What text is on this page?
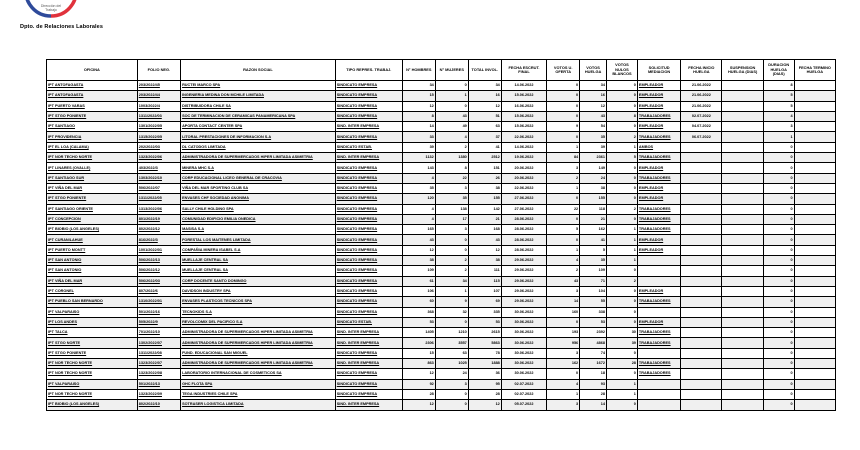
Dirección del
Trabajo
Dpto. de Relaciones Laborales
OFICINA	FOLIO NEG.	RAZON SOCIAL	TIPO REPRES. TRABAJ.	N° HOMBRES	N° MUJERES	TOTAL INVOL.	FECHA ESCRUT. FINAL	VOTOS U. OFERTA	VOTOS HUELGA	VOTOS NULOS BLANCOS	SOLICITUD MEDIACION	FECHA INICIO HUELGA	SUSPENSION HUELGA (DIAS)	DURACION HUELGA (DIAS)	FECHA TERMINO HUELGA
IPT ANTOFAGASTA	203/2022/45	RUCTEI MARCO SPA	SINDICATO EMPRESA	34	0	34	14.06.2022	0	34	0	EMPLEADOR	21.06.2022		8	
IPT ANTOFAGASTA	203/2022/44	INGENIERIA MEDINA DON MCHILE LIMITADA	SINDICATO EMPRESA	15	1	16	15.06.2022	0	16	0	EMPLEADOR	21.06.2022		5	
IPT PUERTO VARAS	1003/2022/4	DISTRIBUIDORA CHILE SA	SINDICATO EMPRESA	12	0	12	16.06.2022	0	12	0	EMPLEADOR	21.06.2022		5	
IPT STGO PONIENTE	1311/2022/03	SOC DE TERMINACION DE CERAMICAS PANAMERICANA SPA	SINDICATO EMPRESA	8	43	51	15.06.2022	0	43	8	TRABAJADORES	02.07.2022		4	
IPT SANTIAGO	1301/2022/05	APORTA CONTACT CENTER SPA	SIND. INTER EMPRESA	14	49	63	15.06.2022	9	54	0	EMPLEADOR	04.07.2022		3	
IPT PROVIDENCIA	1315/2022/05	LITORAL PRESTACIONES DE INFORMACION S.A	SINDICATO EMPRESA	33	4	37	22.06.2022	0	35	2	TRABAJADORES	06.07.2022		1	
IPT EL LOA (CALAMA)	202/2022/03	DL CATODOS LIMITADA	SINDICATO ESTAB.	39	2	41	14.06.2022	1	39	1	AMBOS			0	
IPT NOR TECHO NORTE	1323/2022/06	ADMINISTRADORA DE SUPERMERCADOS HIPER LIMITADA ASIMETRIA	SIND. INTER EMPRESA	1132	1380	2512	19.06.2022	84	2361	5	TRABAJADORES			0	
IPT LINARES (OVALLE)	403/2022/3	MINERA MHC S.A	SINDICATO EMPRESA	143	8	151	20.06.2022	3	149	0	EMPLEADOR			0	
IPT SANTIAGO SUR	1303/2022/10	CORP EDUCACIONAL LICEO GENERAL DE CRACOVIA	SINDICATO EMPRESA	4	22	26	20.06.2022	2	24	0	TRABAJADORES			0	
IPT VIÑA DEL MAR	506/2022/07	VIÑA DEL MAR SPORTING CLUB SA	SINDICATO EMPRESA	35	3	38	22.06.2022	1	38	0	EMPLEADOR			0	
IPT STGO PONIENTE	1311/2022/05	ENVASES CHF SOCIEDAD ANONIMA	SINDICATO EMPRESA	120	35	155	27.06.2022	0	155	0	EMPLEADOR			0	
IPT SANTIAGO ORIENTE	1313/2022/06	SALLY CHILE HOLDING SPA	SINDICATO EMPRESA	4	138	142	27.06.2022	22	118	2	TRABAJADORES			0	
IPT CONCEPCION	801/2022/19	COMUNIDAD EDIFICIO EMILIA ONEDICA	SINDICATO EMPRESA	4	17	21	28.06.2022	0	21	0	TRABAJADORES			0	
IPT BIOBIO (LOS ANGELES)	802/2022/12	MASISA S.A	SINDICATO EMPRESA	165	3	168	28.06.2022	5	162	1	TRABAJADORES			0	
IPT CURANILAHUE	816/2022/3	FORESTAL LOS MAITENES LIMITADA	SINDICATO EMPRESA	43	0	43	28.06.2022	0	41	1	EMPLEADOR			0	
IPT PUERTO MONTT	1001/2022/01	COMPAÑIA MINERA ISABEL S.A	SINDICATO EMPRESA	12	0	12	28.06.2022	1	5	1	EMPLEADOR			0	
IPT SAN ANTONIO	506/2022/13	MUELLAJE CENTRAL SA	SINDICATO EMPRESA	38	2	38	29.06.2022	4	35	1				0	
IPT SAN ANTONIO	506/2022/12	MUELLAJE CENTRAL SA	SINDICATO EMPRESA	109	2	111	29.06.2022	2	109	0				0	
IPT VIÑA DEL MAR	506/2022/03	CORP DOCENTE SANTO DOMINGO	SINDICATO EMPRESA	61	34	115	29.06.2022	43	71	2				0	
IPT CORONEL	807/2022/6	DAVIDSON INDUSTRY SPA	SINDICATO EMPRESA	106	1	107	29.06.2022	3	104	0	EMPLEADOR			0	
IPT PUEBLO SAN BERNARDO	1310/2022/01	ENVASES PLASTICOS TECNICOS SPA	SINDICATO EMPRESA	60	9	69	29.06.2022	14	55	0	TRABAJADORES			0	
IPT VALPARAISO	501/2022/16	TECNOKIDS S.A	SINDICATO EMPRESA	368	32	335	30.06.2022	160	338	0				0	
IPT LOS ANDES	505/2022/9	REVOLCOMIX DEL PACIFICO S.A	SINDICATO ESTAB.	53	0	53	30.06.2022	0	53	0	EMPLEADOR			0	
IPT TALCA	701/2022/10	ADMINISTRADORA DE SUPERMERCADOS HIPER LIMITADA ASIMETRIA	SIND. INTER EMPRESA	1405	1210	2615	30.06.2022	193	2392	30	TRABAJADORES			0	
IPT STGO NORTE	1302/2022/07	ADMINISTRADORA DE SUPERMERCADOS HIPER LIMITADA ASIMETRIA	SIND. INTER EMPRESA	2306	3557	5863	30.06.2022	956	4868	39	TRABAJADORES			0	
IPT STGO PONIENTE	1311/2022/08	FUND. EDUCACIONAL SAN MIGUEL	SINDICATO EMPRESA	15	63	78	30.06.2022	3	74	0				0	
IPT NOR TECHO NORTE	1323/2022/07	ADMINISTRADORA DE SUPERMERCADOS HIPER LIMITADA ASIMETRIA	SIND. INTER EMPRESA	863	1025	1888	30.06.2022	162	1672	28	TRABAJADORES			0	
IPT NOR TECHO NORTE	1323/2022/08	LABORATORIO INTERNACIONAL DE COSMETICOS SA	SINDICATO EMPRESA	12	24	36	30.06.2022	0	18	0	TRABAJADORES			0	
IPT VALPARAISO	501/2022/13	GHC FLOTA SPA	SINDICATO EMPRESA	92	3	95	02.07.2022	4	93	1				0	
IPT NOR TECHO NORTE	1323/2022/09	TEGA INDUSTRIES CHILE SPA	SINDICATO EMPRESA	28	0	28	02.07.2022	1	28	1				0	
IPT BIOBIO (LOS ANGELES)	802/2022/10	SOTRASER LOGISTICA LIMITADA	SIND. INTER EMPRESA	12	0	12	05.07.2022	3	14	0				0	
